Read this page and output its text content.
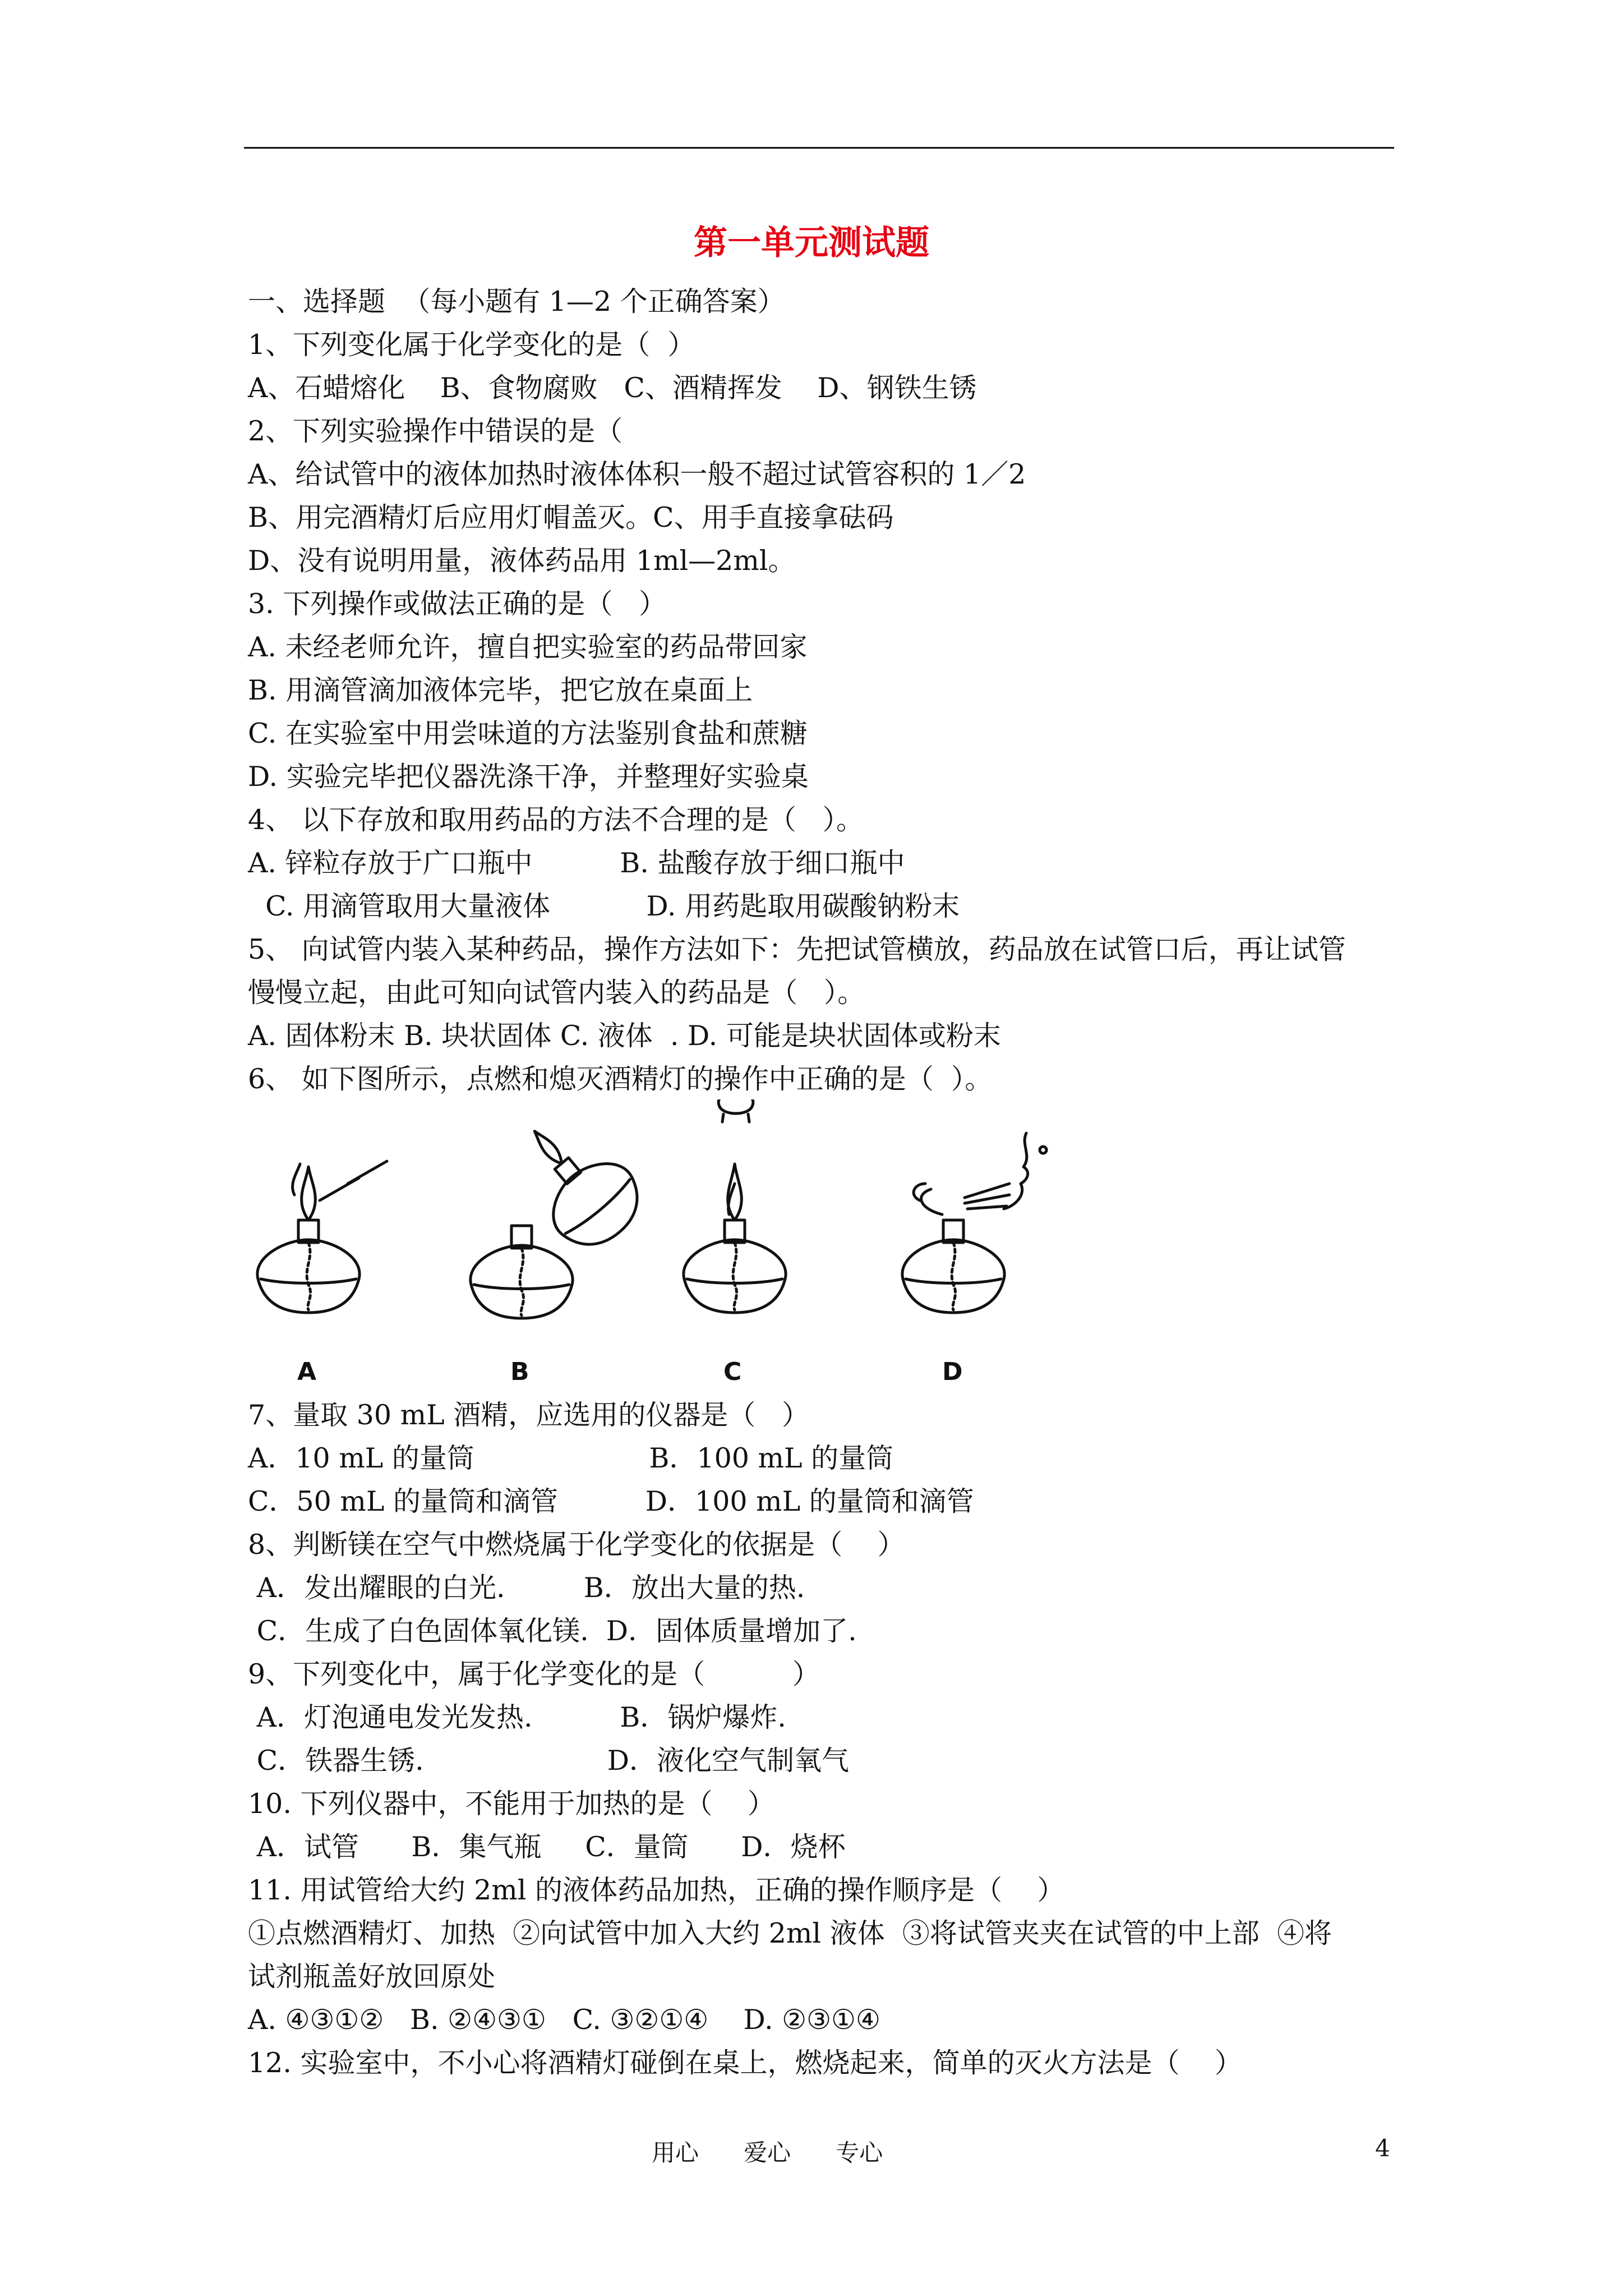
第一单元测试题
一、选择题  （每小题有 1—2 个正确答案）
1、下列变化属于化学变化的是（  ）
A、石蜡熔化    B、食物腐败   C、酒精挥发    D、钢铁生锈
2、下列实验操作中错误的是（
A、给试管中的液体加热时液体体积一般不超过试管容积的 1／2
B、用完酒精灯后应用灯帽盖灭。C、用手直接拿砝码
D、没有说明用量，液体药品用 1ml—2ml。
3. 下列操作或做法正确的是（   ）
A. 未经老师允许，擅自把实验室的药品带回家
B. 用滴管滴加液体完毕，把它放在桌面上
C. 在实验室中用尝味道的方法鉴别食盐和蔗糖
D. 实验完毕把仪器洗涤干净，并整理好实验桌
4、 以下存放和取用药品的方法不合理的是（   ）。
A. 锌粒存放于广口瓶中          B. 盐酸存放于细口瓶中
C. 用滴管取用大量液体           D. 用药匙取用碳酸钠粉末
5、 向试管内装入某种药品，操作方法如下：先把试管横放，药品放在试管口后，再让试管
慢慢立起，由此可知向试管内装入的药品是（   ）。
A. 固体粉末 B. 块状固体 C. 液体  . D. 可能是块状固体或粉末
6、 如下图所示，点燃和熄灭酒精灯的操作中正确的是（  ）。
7、量取 30 mL 酒精，应选用的仪器是（   ）
A．10 mL 的量筒                    B．100 mL 的量筒
C．50 mL 的量筒和滴管          D．100 mL 的量筒和滴管
8、判断镁在空气中燃烧属于化学变化的依据是（    ）
A．发出耀眼的白光.         B．放出大量的热.
C．生成了白色固体氧化镁.  D．固体质量增加了.
9、下列变化中，属于化学变化的是（          ）
A．灯泡通电发光发热.          B．锅炉爆炸.
C．铁器生锈.                     D．液化空气制氧气
10. 下列仪器中，不能用于加热的是（    ）
A．试管      B．集气瓶     C．量筒      D．烧杯
11. 用试管给大约 2ml 的液体药品加热，正确的操作顺序是（    ）
①点燃酒精灯、加热  ②向试管中加入大约 2ml 液体  ③将试管夹夹在试管的中上部  ④将
试剂瓶盖好放回原处
A. ④③①②   B. ②④③①   C. ③②①④    D. ②③①④
12. 实验室中，不小心将酒精灯碰倒在桌上，燃烧起来，简单的灭火方法是（    ）
A	B	C	D
用心      爱心      专心	4
